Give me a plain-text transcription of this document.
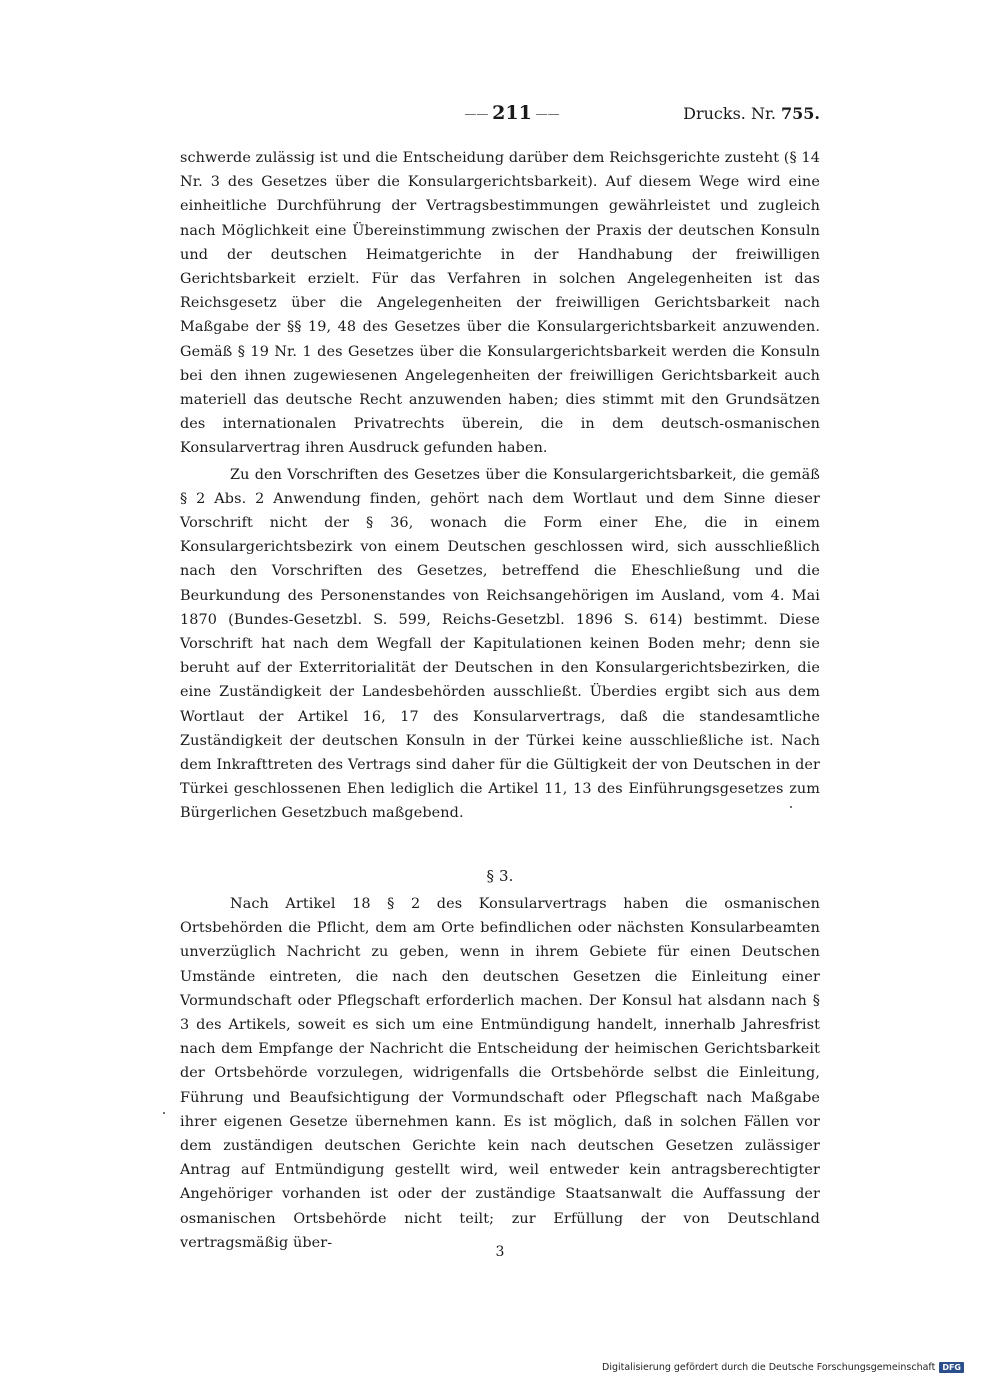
—— 211 ——	Drucks. Nr. 755.

schwerde zulässig ist und die Entscheidung darüber dem Reichsgerichte zusteht (§ 14 Nr. 3 des Gesetzes über die Konsulargerichtsbarkeit). Auf diesem Wege wird eine einheitliche Durchführung der Vertragsbestimmungen gewährleistet und zugleich nach Möglichkeit eine Übereinstimmung zwischen der Praxis der deutschen Konsuln und der deutschen Heimatgerichte in der Handhabung der freiwilligen Gerichtsbarkeit erzielt. Für das Verfahren in solchen Angelegenheiten ist das Reichsgesetz über die Angelegenheiten der freiwilligen Gerichtsbarkeit nach Maßgabe der §§ 19, 48 des Gesetzes über die Konsulargerichtsbarkeit anzuwenden. Gemäß § 19 Nr. 1 des Gesetzes über die Konsulargerichtsbarkeit werden die Konsuln bei den ihnen zugewiesenen Angelegenheiten der freiwilligen Gerichtsbarkeit auch materiell das deutsche Recht anzuwenden haben; dies stimmt mit den Grundsätzen des internationalen Privatrechts überein, die in dem deutsch-osmanischen Konsularvertrag ihren Ausdruck gefunden haben.

Zu den Vorschriften des Gesetzes über die Konsulargerichtsbarkeit, die gemäß § 2 Abs. 2 Anwendung finden, gehört nach dem Wortlaut und dem Sinne dieser Vorschrift nicht der § 36, wonach die Form einer Ehe, die in einem Konsulargerichtsbezirk von einem Deutschen geschlossen wird, sich ausschließlich nach den Vorschriften des Gesetzes, betreffend die Eheschließung und die Beurkundung des Personenstandes von Reichsangehörigen im Ausland, vom 4. Mai 1870 (Bundes-Gesetzbl. S. 599, Reichs-Gesetzbl. 1896 S. 614) bestimmt. Diese Vorschrift hat nach dem Wegfall der Kapitulationen keinen Boden mehr; denn sie beruht auf der Exterritorialität der Deutschen in den Konsulargerichtsbezirken, die eine Zuständigkeit der Landesbehörden ausschließt. Überdies ergibt sich aus dem Wortlaut der Artikel 16, 17 des Konsularvertrags, daß die standesamtliche Zuständigkeit der deutschen Konsuln in der Türkei keine ausschließliche ist. Nach dem Inkrafttreten des Vertrags sind daher für die Gültigkeit der von Deutschen in der Türkei geschlossenen Ehen lediglich die Artikel 11, 13 des Einführungsgesetzes zum Bürgerlichen Gesetzbuch maßgebend.

§ 3.

Nach Artikel 18 § 2 des Konsularvertrags haben die osmanischen Ortsbehörden die Pflicht, dem am Orte befindlichen oder nächsten Konsularbeamten unverzüglich Nachricht zu geben, wenn in ihrem Gebiete für einen Deutschen Umstände eintreten, die nach den deutschen Gesetzen die Einleitung einer Vormundschaft oder Pflegschaft erforderlich machen. Der Konsul hat alsdann nach § 3 des Artikels, soweit es sich um eine Entmündigung handelt, innerhalb Jahresfrist nach dem Empfange der Nachricht die Entscheidung der heimischen Gerichtsbarkeit der Ortsbehörde vorzulegen, widrigenfalls die Ortsbehörde selbst die Einleitung, Führung und Beaufsichtigung der Vormundschaft oder Pflegschaft nach Maßgabe ihrer eigenen Gesetze übernehmen kann. Es ist möglich, daß in solchen Fällen vor dem zuständigen deutschen Gerichte kein nach deutschen Gesetzen zulässiger Antrag auf Entmündigung gestellt wird, weil entweder kein antragsberechtigter Angehöriger vorhanden ist oder der zuständige Staatsanwalt die Auffassung der osmanischen Ortsbehörde nicht teilt; zur Erfüllung der von Deutschland vertragsmäßig über-

3
Digitalisierung gefördert durch die Deutsche Forschungsgemeinschaft DFG
